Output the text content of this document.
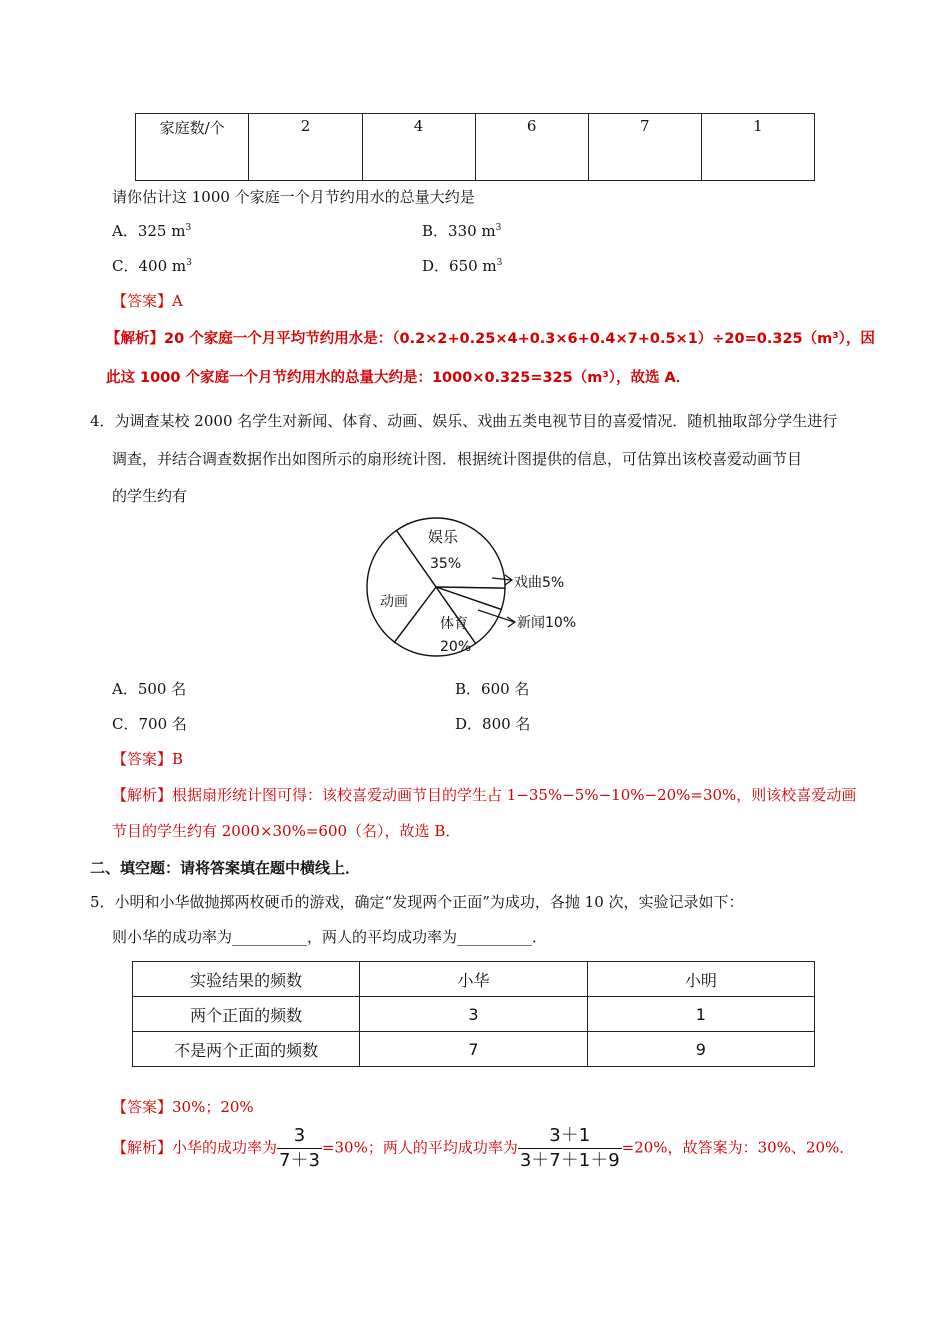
家庭数/个	2	4	6	7	1
请你估计这 1000 个家庭一个月节约用水的总量大约是
A．325 $m^3$	B．330 $m^3$
C．400 $m^3$	D．650 $m^3$
【答案】A
【解析】20 个家庭一个月平均节约用水是：（0.2×2+0.25×4+0.3×6+0.4×7+0.5×1）÷20=0.325（m³），因
此这 1000 个家庭一个月节约用水的总量大约是：1000×0.325=325（m³），故选 A．
4．为调查某校 2000 名学生对新闻、体育、动画、娱乐、戏曲五类电视节目的喜爱情况．随机抽取部分学生进行
调查，并结合调查数据作出如图所示的扇形统计图．根据统计图提供的信息，可估算出该校喜爱动画节目
的学生约有
娱乐
35%
动画
体育
20%
戏曲5%
新闻10%
A．500 名	B．600 名
C．700 名	D．800 名
【答案】B
【解析】根据扇形统计图可得：该校喜爱动画节目的学生占 1−35%−5%−10%−20%=30%，则该校喜爱动画
节目的学生约有 2000×30%=600（名），故选 B．
二、填空题：请将答案填在题中横线上．
5．小明和小华做抛掷两枚硬币的游戏，确定“发现两个正面”为成功，各抛 10 次，实验记录如下：
则小华的成功率为__________，两人的平均成功率为__________．
实验结果的频数	小华	小明
两个正面的频数	3	1
不是两个正面的频数	7	9
【答案】30%；20%
【解析】小华的成功率为 $\frac{3}{7+3} =30\%$；两人的平均成功率为 $\frac{3+1}{3+7+1+9} =20\%$，故答案为：30%、20%．
